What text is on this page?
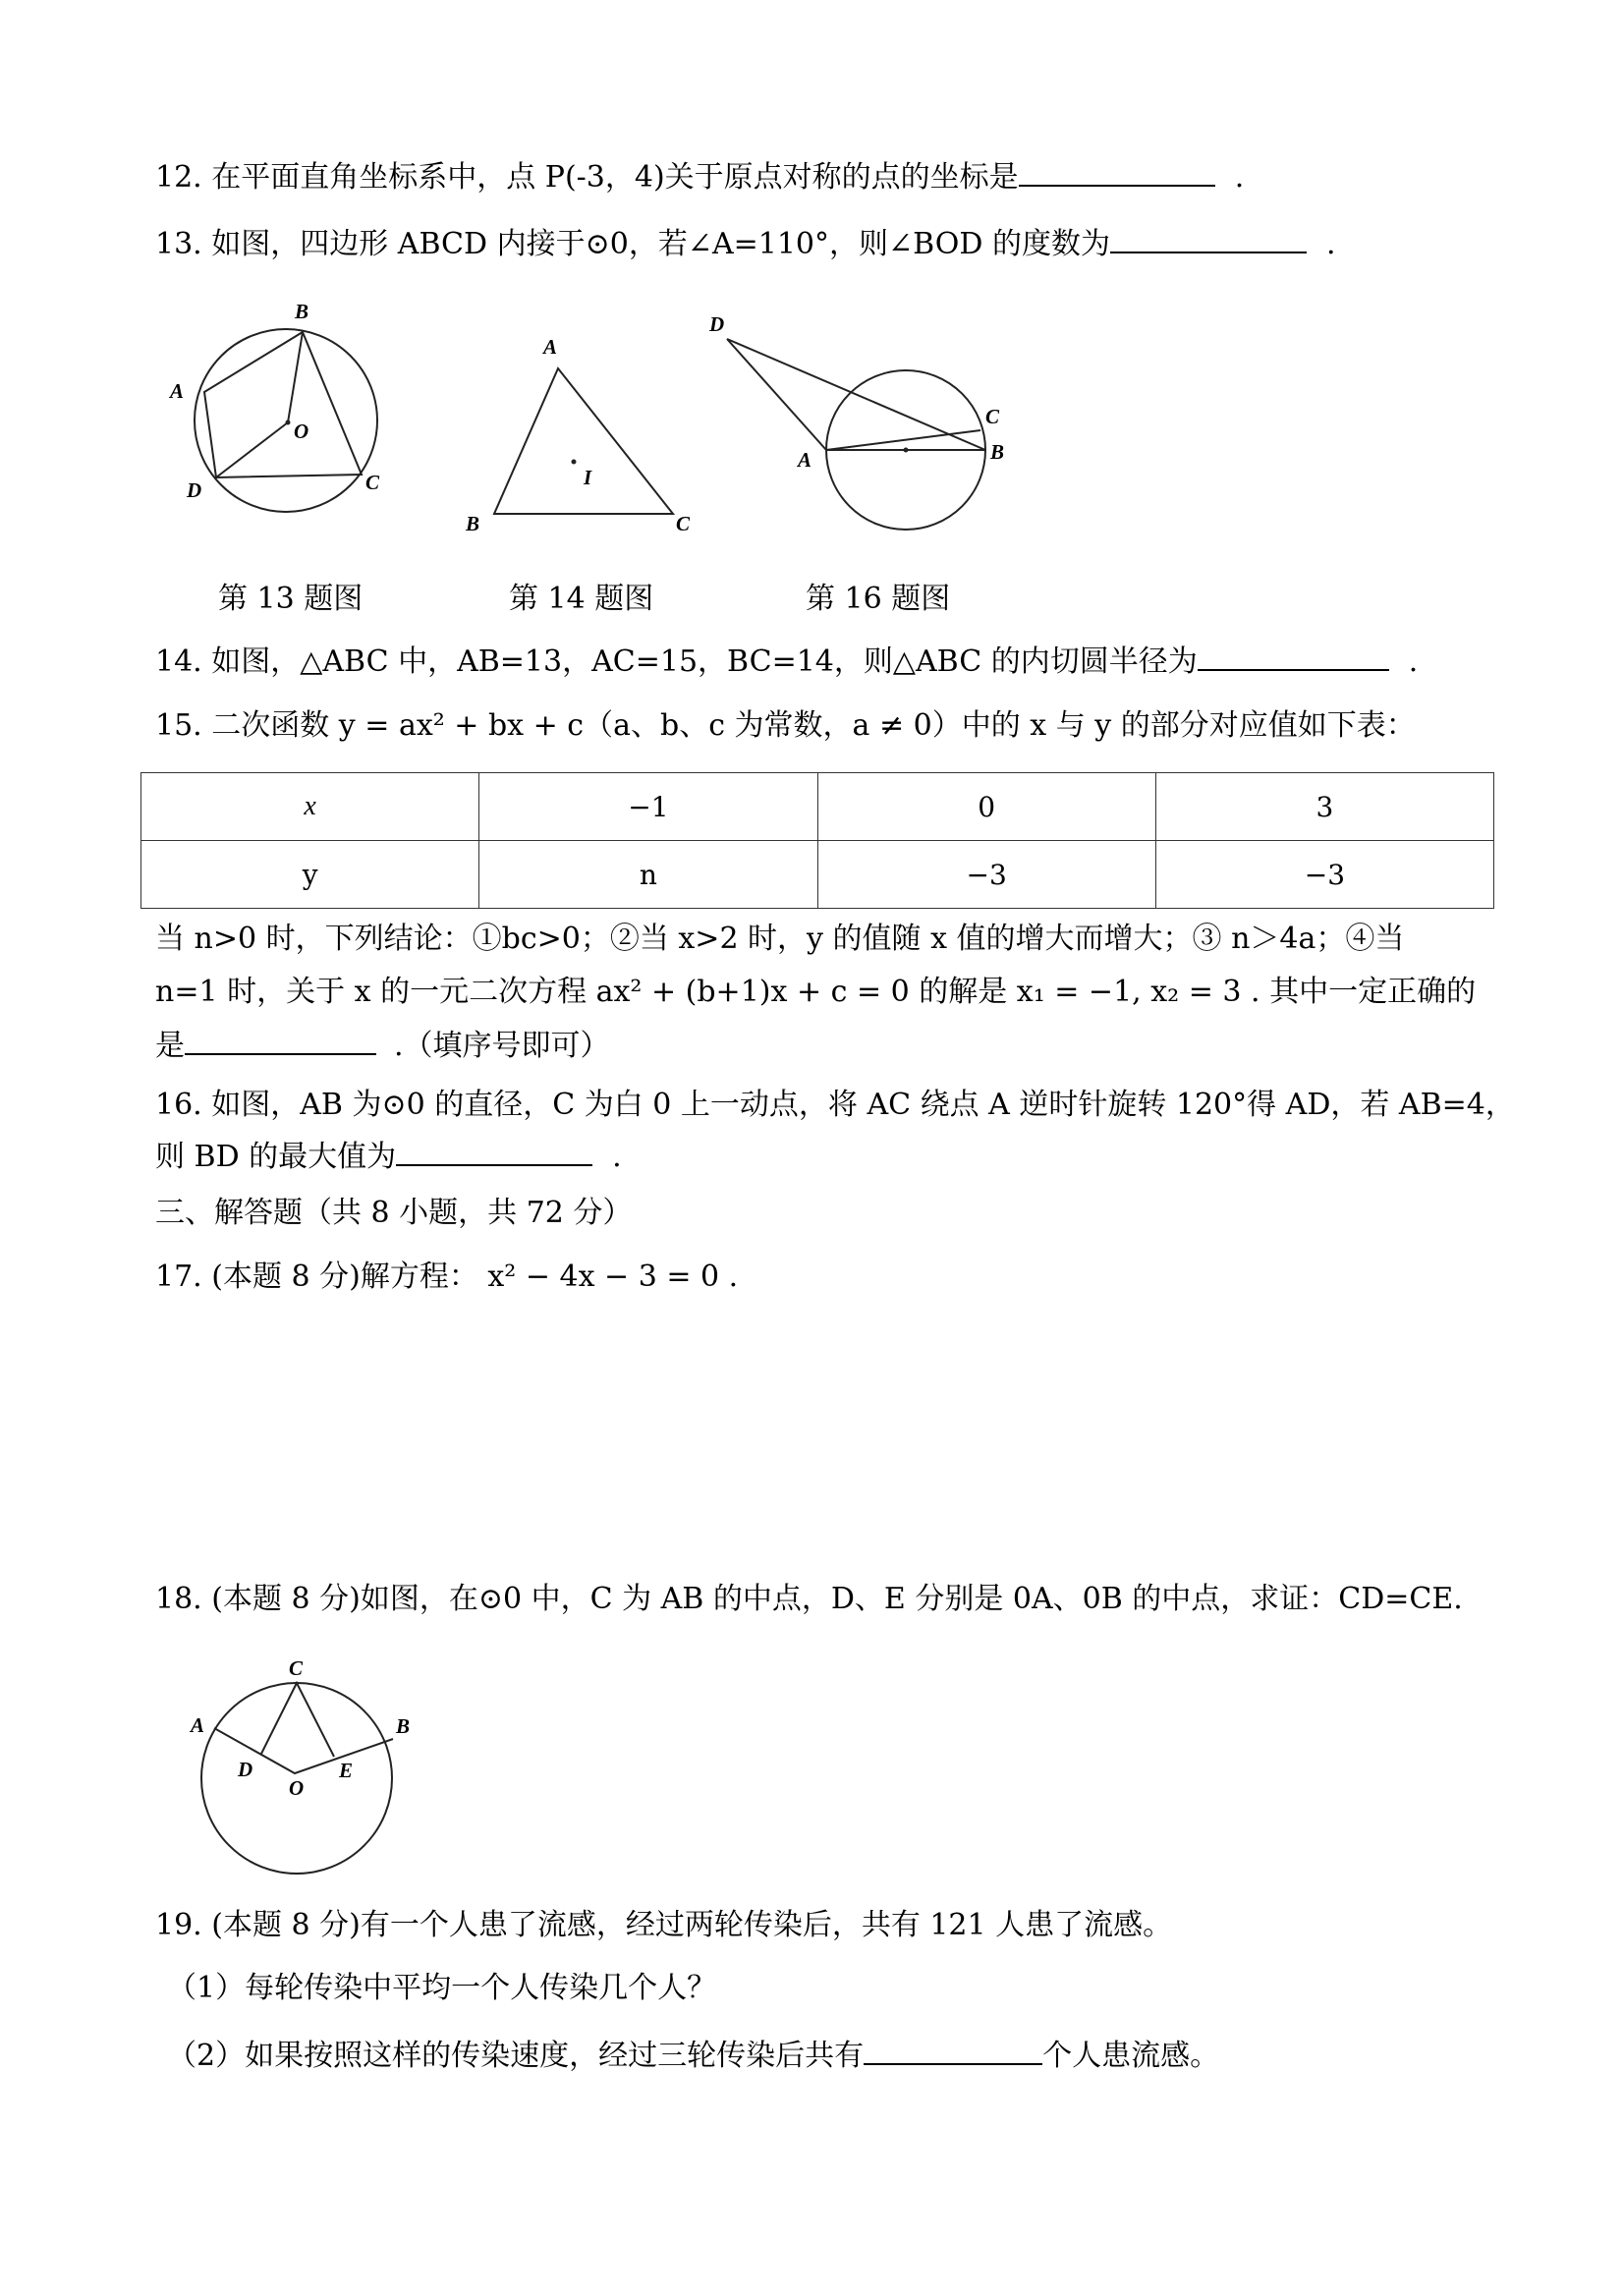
12. 在平面直角坐标系中，点 P(-3，4)关于原点对称的点的坐标是	.
13. 如图，四边形 ABCD 内接于⊙0，若∠A=110°，则∠BOD 的度数为	.
A
B
C
D
O
A
B	C
I
D
A
C
B
第 13 题图	第 14 题图	第 16 题图
14. 如图，△ABC 中，AB=13，AC=15，BC=14，则△ABC 的内切圆半径为	.
15. 二次函数 y = ax² + bx + c（a、b、c 为常数，a ≠ 0）中的 x 与 y 的部分对应值如下表：
x	−1	0	3
y	n	−3	−3
当 n>0 时，下列结论：①bc>0；②当 x>2 时，y 的值随 x 值的增大而增大；③ n＞4a；④当
n=1 时，关于 x 的一元二次方程 ax² + (b+1)x + c = 0 的解是 x₁ = −1, x₂ = 3 . 其中一定正确的
是	.（填序号即可）
16. 如图，AB 为⊙0 的直径，C 为白 0 上一动点，将 AC 绕点 A 逆时针旋转 120°得 AD，若 AB=4，
则 BD 的最大值为	.
三、解答题（共 8 小题，共 72 分）
17. (本题 8 分)解方程： x² − 4x − 3 = 0 .
18. (本题 8 分)如图，在⊙0 中，C 为 AB 的中点，D、E 分别是 0A、0B 的中点，求证：CD=CE.
A
C
B
D	E
O
19. (本题 8 分)有一个人患了流感，经过两轮传染后，共有 121 人患了流感。
（1）每轮传染中平均一个人传染几个人？
（2）如果按照这样的传染速度，经过三轮传染后共有	个人患流感。
